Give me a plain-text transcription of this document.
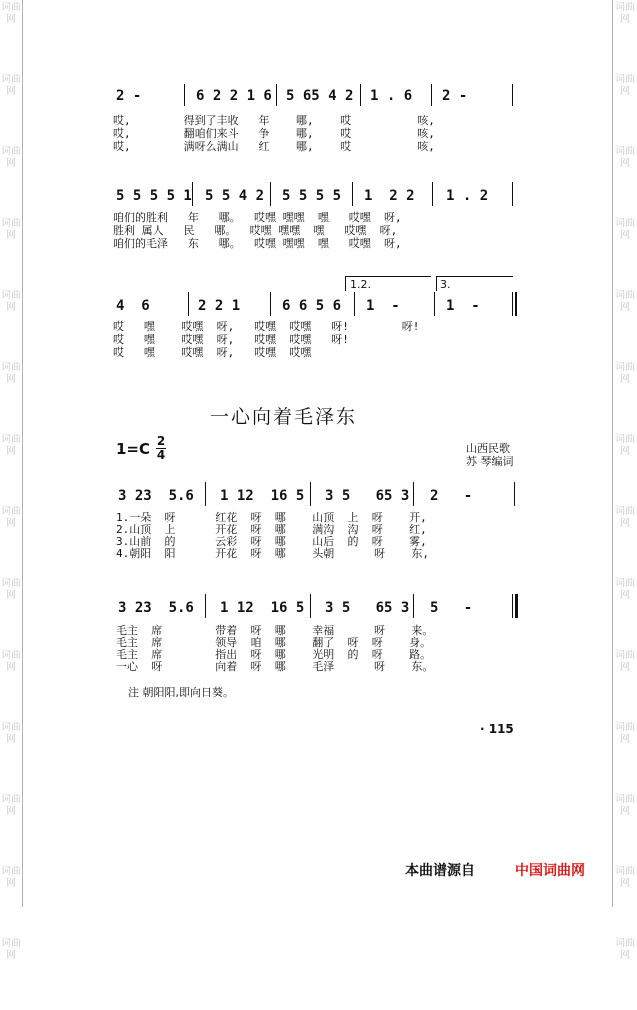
词曲网
词曲网
词曲网
词曲网
词曲网
词曲网
词曲网
词曲网
词曲网
词曲网
词曲网
词曲网
词曲网
词曲网
词曲网
词曲网
词曲网
词曲网
词曲网
词曲网
词曲网
词曲网
词曲网
词曲网
词曲网
词曲网
词曲网
词曲网
2 -	6 2 2 1 6 5 65 4 2 1 . 6 2 -
哎,        得到了丰收   年    哪,    哎          咳,
哎,        翻咱们来斗   争    哪,    哎          咳,
哎,        满呀么满山   红    哪,    哎          咳,
5 5 5 5 1 5 5 4 2 5 5 5 5 1  2 2 1 . 2
咱们的胜利   年   哪。  哎嘿 嘿嘿  嘿   哎嘿  呀,
胜利 属人   民   哪。  哎嘿 嘿嘿  嘿   哎嘿  呀,
咱们的毛泽   东   哪。  哎嘿 嘿嘿  嘿   哎嘿  呀,
1.2.	3.
4  6	2 2 1	6 6 5 6 1  -	1  -
哎   嘿    哎嘿  呀,   哎嘿  哎嘿   呀!        呀!
哎   嘿    哎嘿  呀,   哎嘿  哎嘿   呀!
哎   嘿    哎嘿  呀,   哎嘿  哎嘿
一心向着毛泽东
1=C 2
4	山西民歌
苏 琴编词
3 23  5.6 1 12  16 5 3 5   65 3 2   -
1.一朵  呀      红花  呀  哪    山顶  上  呀    开,
2.山顶  上      开花  呀  哪    满沟  沟  呀    红,
3.山前  的      云彩  呀  哪    山后  的  呀    雾,
4.朝阳  阳      开花  呀  哪    头朝      呀    东,
3 23  5.6 1 12  16 5 3 5   65 3 5   -
毛主  席        带着  呀  哪    幸福      呀    来。
毛主  席        领导  咱  哪    翻了  呀  呀    身。
毛主  席        指出  呀  哪    光明  的  呀    路。
一心  呀        向着  呀  哪    毛泽      呀    东。
注 朝阳阳,即向日葵。
· 115
本曲谱源自	中国词曲网
